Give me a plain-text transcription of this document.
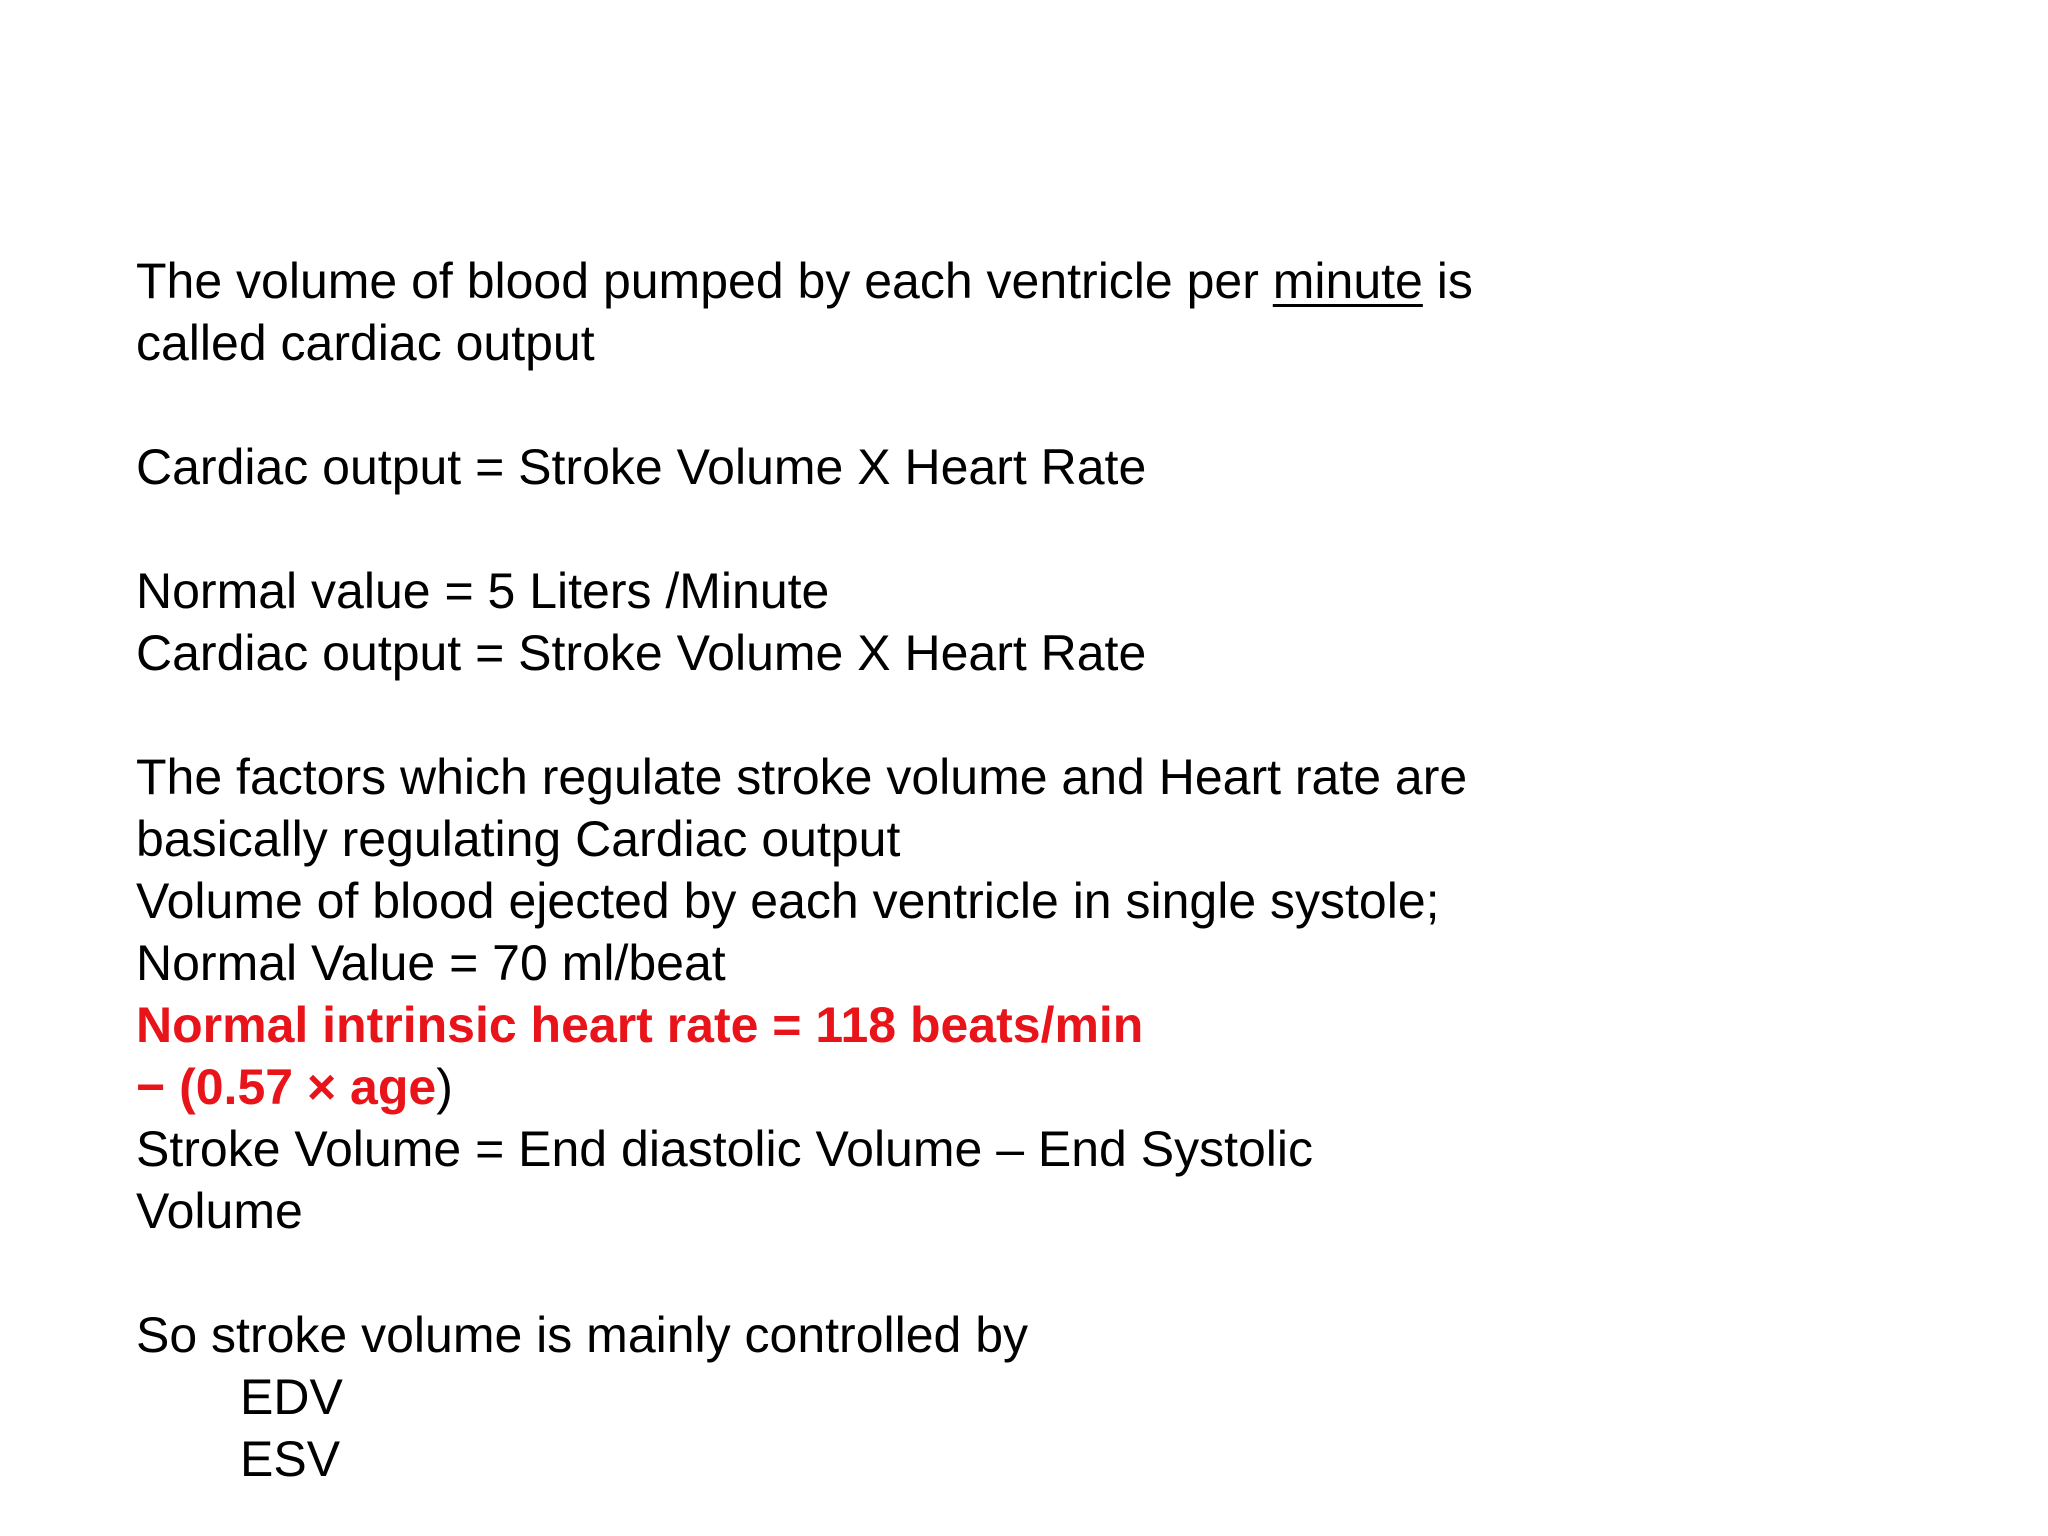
The volume of blood pumped by each ventricle per minute is
called cardiac output
Cardiac output = Stroke Volume X Heart Rate
Normal value = 5 Liters /Minute
Cardiac output = Stroke Volume X Heart Rate
The factors which regulate stroke volume and Heart rate are
basically regulating Cardiac output
Volume of blood ejected by each ventricle in single systole;
Normal Value = 70 ml/beat
Normal intrinsic heart rate = 118 beats/min
− (0.57 × age)
Stroke Volume = End diastolic Volume – End Systolic
Volume
So stroke volume is mainly controlled by
EDV
ESV
